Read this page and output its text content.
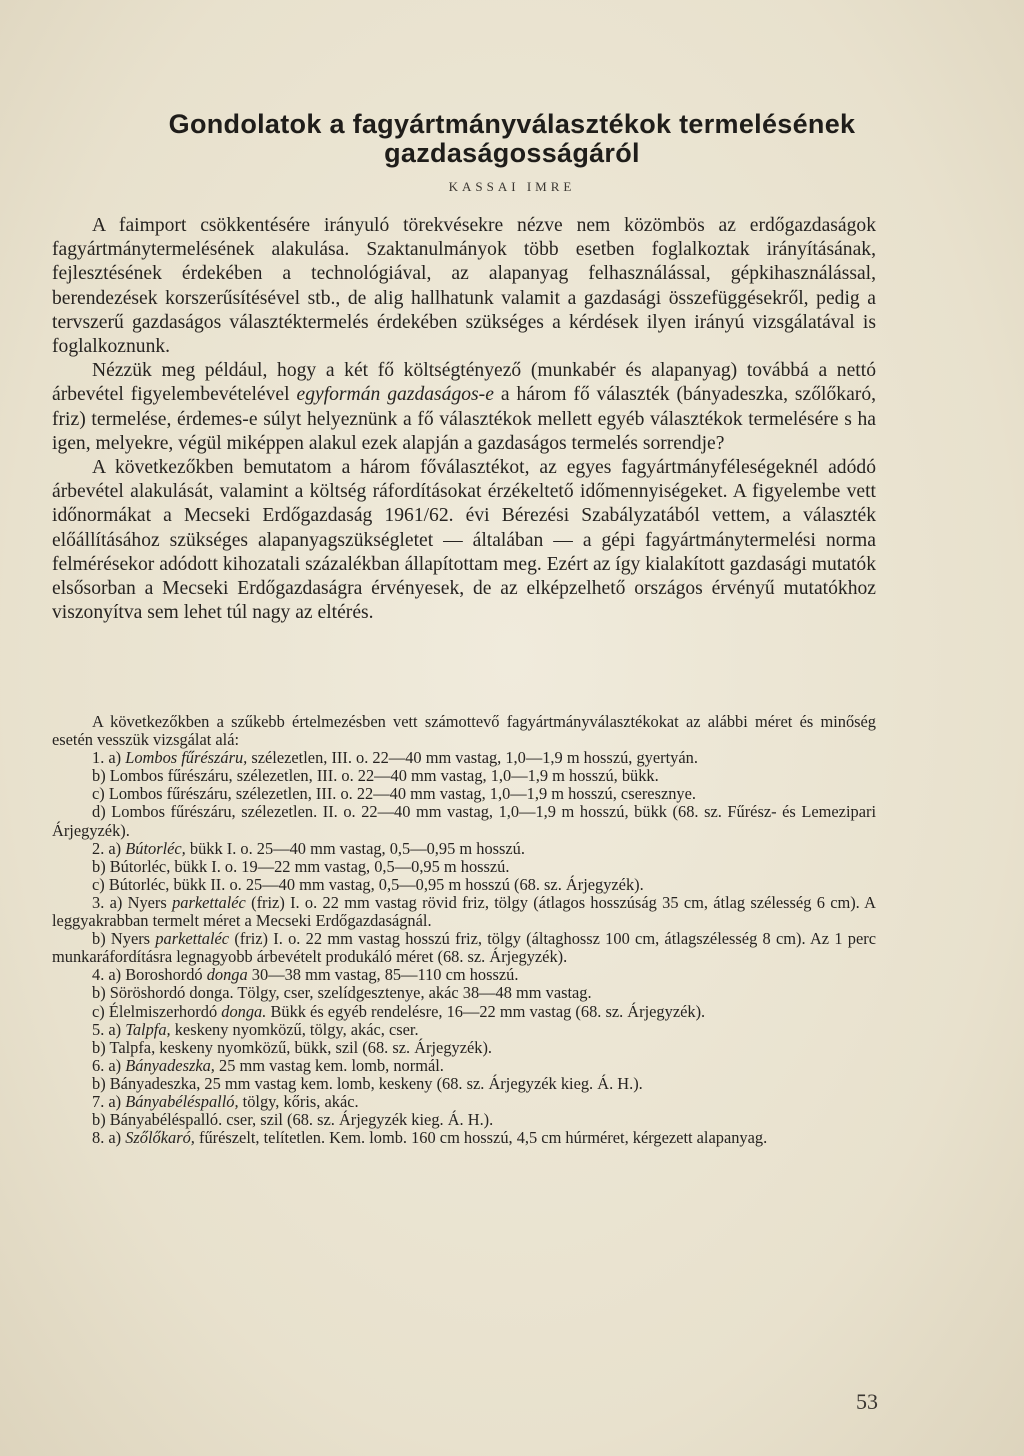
Gondolatok a fagyártmányválasztékok termelésének gazdaságosságáról
KASSAI IMRE

A faimport csökkentésére irányuló törekvésekre nézve nem közömbös az erdőgazdaságok fagyártmánytermelésének alakulása. Szaktanulmányok több esetben foglalkoztak irányításának, fejlesztésének érdekében a technológiával, az alapanyag felhasználással, gépkihasználással, berendezések korszerűsítésével stb., de alig hallhatunk valamit a gazdasági összefüggésekről, pedig a tervszerű gazdaságos választéktermelés érdekében szükséges a kérdések ilyen irányú vizsgálatával is foglalkoznunk.

Nézzük meg például, hogy a két fő költségtényező (munkabér és alapanyag) továbbá a nettó árbevétel figyelembevételével egyformán gazdaságos-e a három fő választék (bányadeszka, szőlőkaró, friz) termelése, érdemes-e súlyt helyeznünk a fő választékok mellett egyéb választékok termelésére s ha igen, melyekre, végül miképpen alakul ezek alapján a gazdaságos termelés sorrendje?

A következőkben bemutatom a három főválasztékot, az egyes fagyártmányféleségeknél adódó árbevétel alakulását, valamint a költség ráfordításokat érzékeltető időmennyiségeket. A figyelembe vett időnormákat a Mecseki Erdőgazdaság 1961/62. évi Bérezési Szabályzatából vettem, a választék előállításához szükséges alapanyagszükségletet — általában — a gépi fagyártmánytermelési norma felmérésekor adódott kihozatali százalékban állapítottam meg. Ezért az így kialakított gazdasági mutatók elsősorban a Mecseki Erdőgazdaságra érvényesek, de az elképzelhető országos érvényű mutatókhoz viszonyítva sem lehet túl nagy az eltérés.

A következőkben a szűkebb értelmezésben vett számottevő fagyártmányválasztékokat az alábbi méret és minőség esetén vesszük vizsgálat alá:

1. a) Lombos fűrészáru, szélezetlen, III. o. 22—40 mm vastag, 1,0—1,9 m hosszú, gyertyán.

b) Lombos fűrészáru, szélezetlen, III. o. 22—40 mm vastag, 1,0—1,9 m hosszú, bükk.

c) Lombos fűrészáru, szélezetlen, III. o. 22—40 mm vastag, 1,0—1,9 m hosszú, cseresznye.

d) Lombos fűrészáru, szélezetlen. II. o. 22—40 mm vastag, 1,0—1,9 m hosszú, bükk (68. sz. Fűrész- és Lemezipari Árjegyzék).

2. a) Bútorléc, bükk I. o. 25—40 mm vastag, 0,5—0,95 m hosszú.

b) Bútorléc, bükk I. o. 19—22 mm vastag, 0,5—0,95 m hosszú.

c) Bútorléc, bükk II. o. 25—40 mm vastag, 0,5—0,95 m hosszú (68. sz. Árjegyzék).

3. a) Nyers parkettaléc (friz) I. o. 22 mm vastag rövid friz, tölgy (átlagos hosszúság 35 cm, átlag szélesség 6 cm). A leggyakrabban termelt méret a Mecseki Erdőgazdaságnál.

b) Nyers parkettaléc (friz) I. o. 22 mm vastag hosszú friz, tölgy (áltaghossz 100 cm, átlagszélesség 8 cm). Az 1 perc munkaráfordításra legnagyobb árbevételt produkáló méret (68. sz. Árjegyzék).

4. a) Boroshordó donga 30—38 mm vastag, 85—110 cm hosszú.

b) Söröshordó donga. Tölgy, cser, szelídgesztenye, akác 38—48 mm vastag.

c) Élelmiszerhordó donga. Bükk és egyéb rendelésre, 16—22 mm vastag (68. sz. Árjegyzék).

5. a) Talpfa, keskeny nyomközű, tölgy, akác, cser.

b) Talpfa, keskeny nyomközű, bükk, szil (68. sz. Árjegyzék).

6. a) Bányadeszka, 25 mm vastag kem. lomb, normál.

b) Bányadeszka, 25 mm vastag kem. lomb, keskeny (68. sz. Árjegyzék kieg. Á. H.).

7. a) Bányabéléspalló, tölgy, kőris, akác.

b) Bányabéléspalló. cser, szil (68. sz. Árjegyzék kieg. Á. H.).

8. a) Szőlőkaró, fűrészelt, telítetlen. Kem. lomb. 160 cm hosszú, 4,5 cm húrméret, kérgezett alapanyag.

53
